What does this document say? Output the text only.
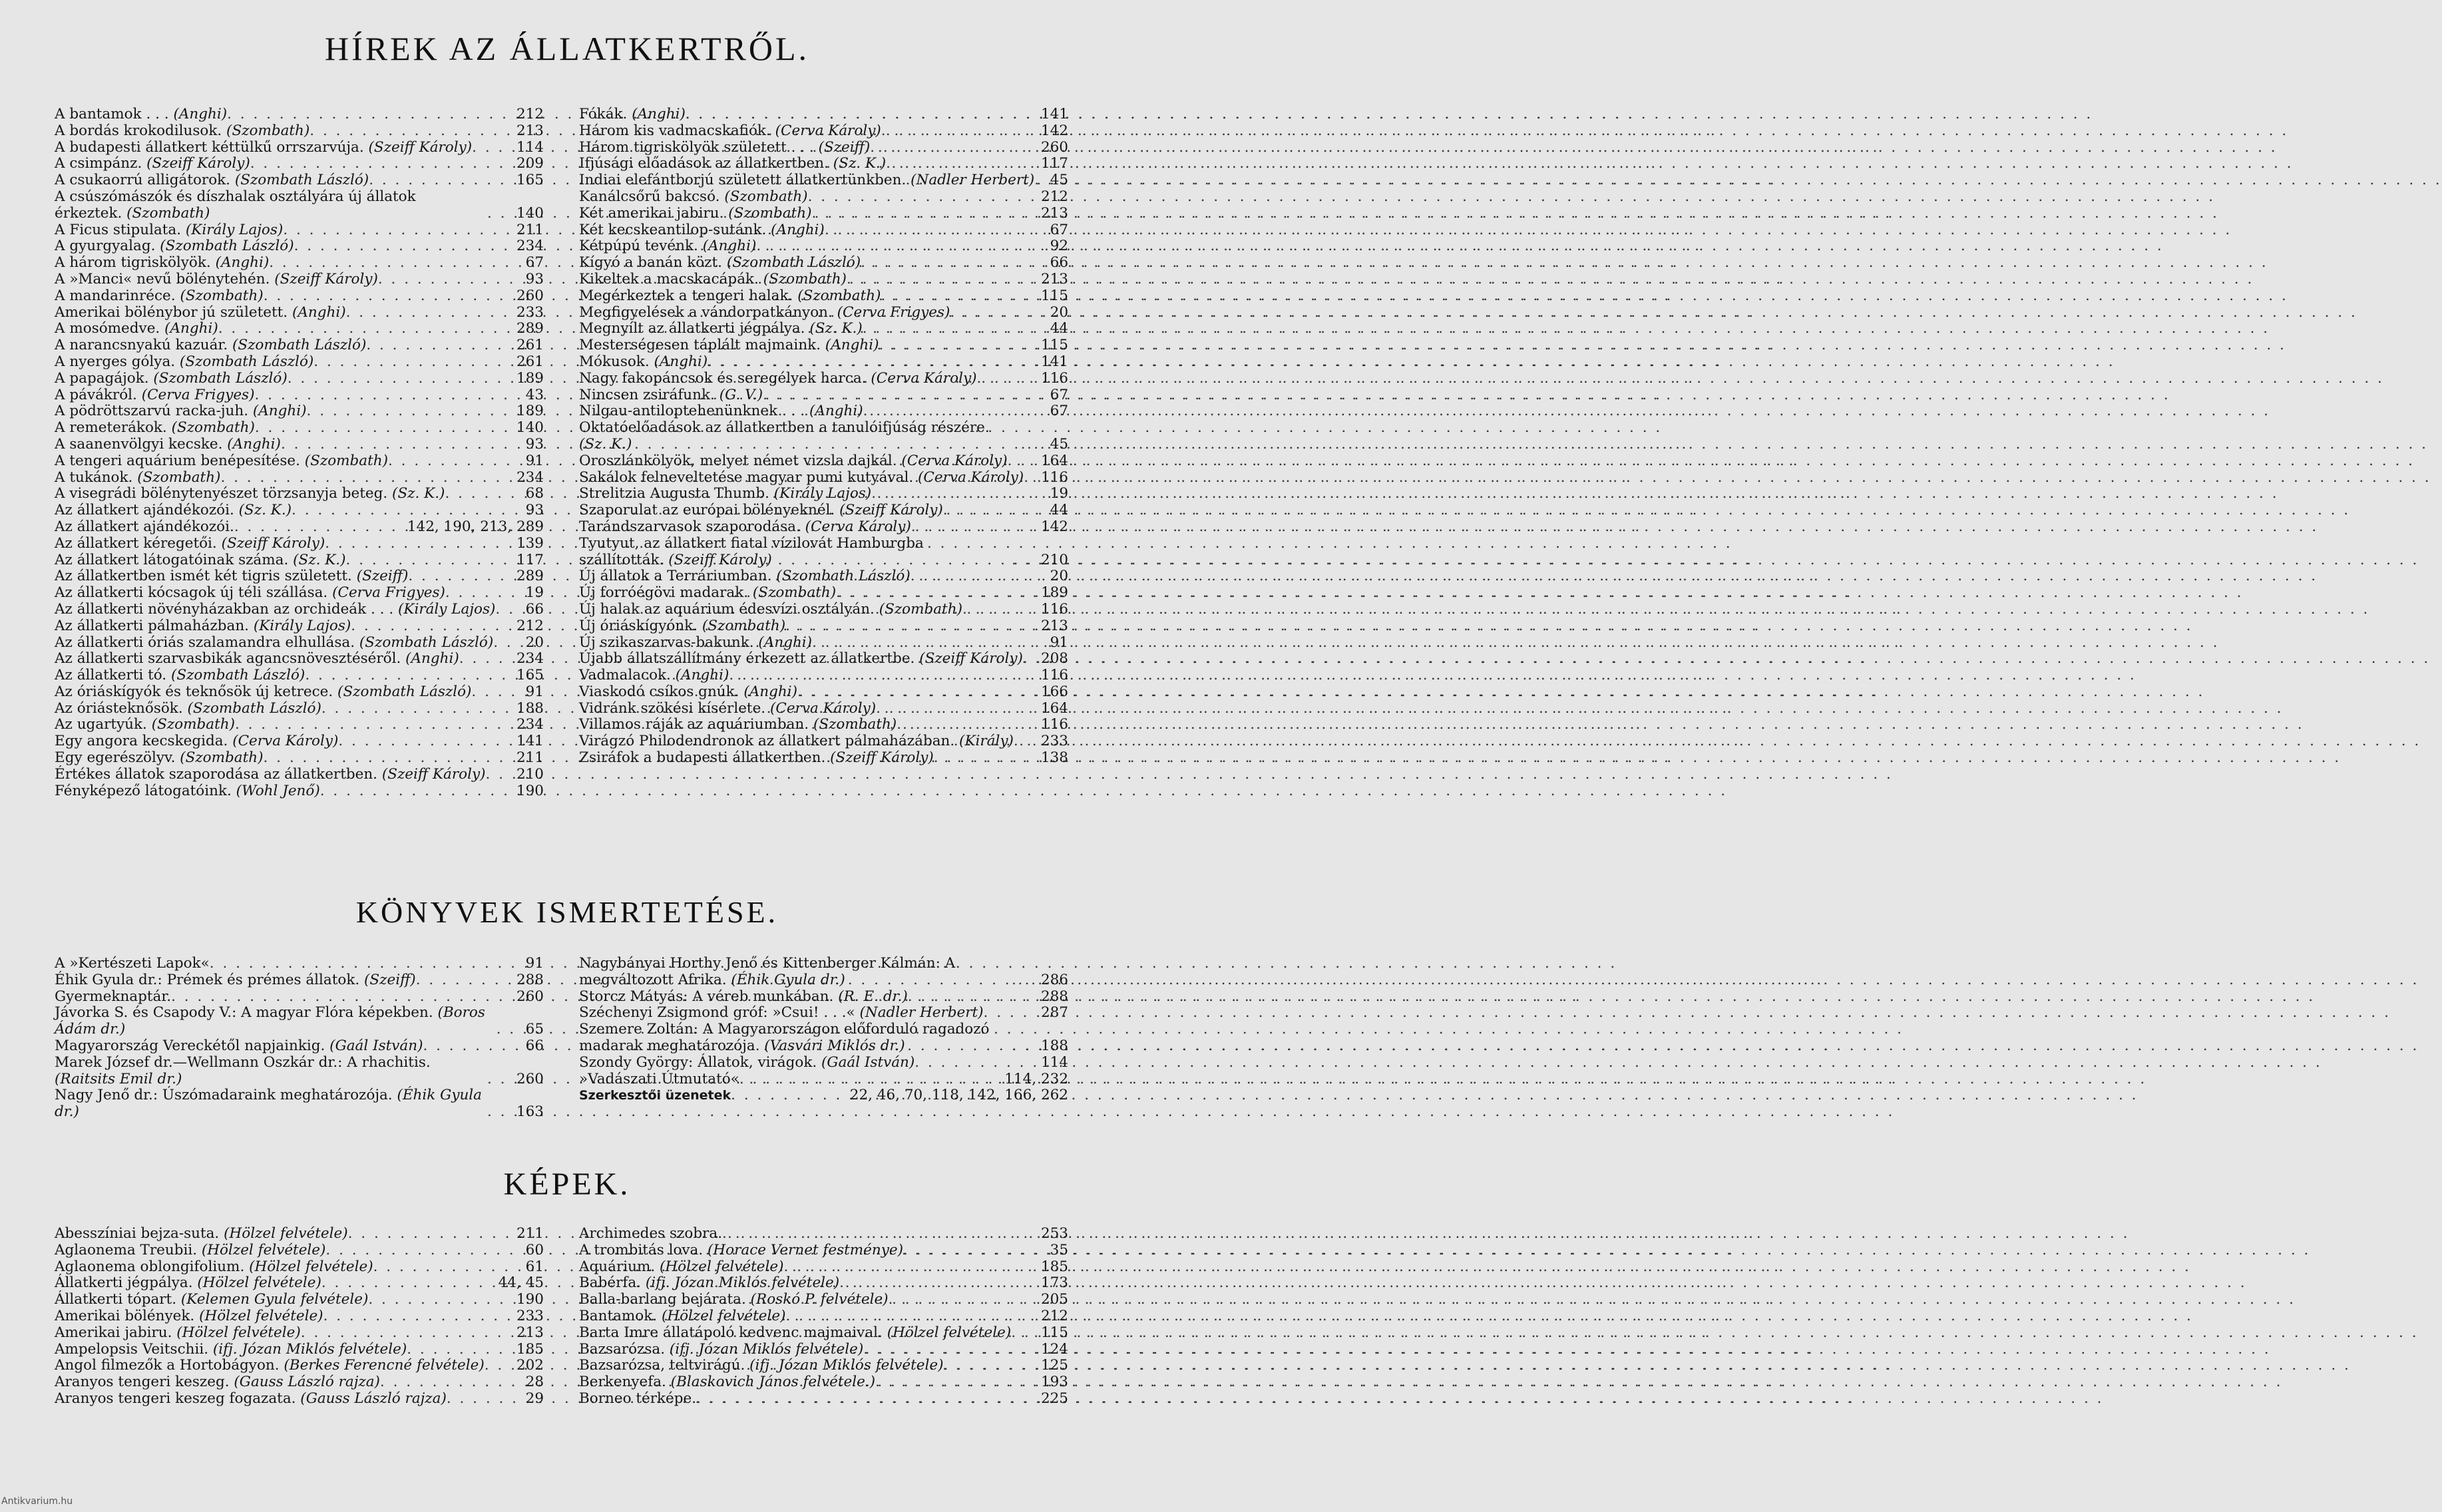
HÍREK AZ ÁLLATKERTRŐL.
A bantamok . . . (Anghi) . . .	212
A bordás krokodilusok. (Szombath) . . .	213
A budapesti állatkert kéttülkű orrszarvúja. (Szeiff Károly) . . .	114
A csimpánz. (Szeiff Károly) . . .	209
A csukaorrú alligátorok. (Szombath László) . . .	165
A csúszómászók és díszhalak osztályára új állatok érkeztek. (Szombath) . . .	140
A Ficus stipulata. (Király Lajos) . . .	211
A gyurgyalag. (Szombath László) . . .	234
A három tigriskölyök. (Anghi) . . .	67
A »Manci« nevű bölénytehén. (Szeiff Károly) . . .	93
A mandarinréce. (Szombath) . . .	260
Amerikai bölénybor jú született. (Anghi) . . .	233
A mosómedve. (Anghi) . . .	289
A narancsnyakú kazuár. (Szombath László) . . .	261
A nyerges gólya. (Szombath László) . . .	261
A papagájok. (Szombath László) . . .	189
A pávákról. (Cerva Frigyes) . . .	43
A pödröttszarvú racka-juh. (Anghi) . . .	189
A remeterákok. (Szombath) . . .	140
A saanenvölgyi kecske. (Anghi) . . .	93
A tengeri aquárium benépesítése. (Szombath) . . .	91
A tukánok. (Szombath) . . .	234
A visegrádi bölénytenyészet törzsanyja beteg. (Sz. K.) . . .	68
Az állatkert ajándékozói. (Sz. K.) . . .	93
Az állatkert ajándékozói. . . .	142, 190, 213, 289
Az állatkert kéregetői. (Szeiff Károly) . . .	139
Az állatkert látogatóinak száma. (Sz. K.) . . .	117
Az állatkertben ismét két tigris született. (Szeiff) . . .	289
Az állatkerti kócsagok új téli szállása. (Cerva Frigyes) . . .	19
Az állatkerti növényházakban az orchideák . . . (Király Lajos) . . . 66
Az állatkerti pálmaházban. (Király Lajos) . . .	212
Az állatkerti óriás szalamandra elhullása. (Szombath László) . . . 20
Az állatkerti szarvasbikák agancsnövesztéséről. (Anghi) . . .	234
Az állatkerti tó. (Szombath László) . . .	165
Az óriáskígyók és teknősök új ketrece. (Szombath László) . . .	91
Az óriásteknősök. (Szombath László) . . .	188
Az ugartyúk. (Szombath) . . .	234
Egy angora kecskegida. (Cerva Károly) . . .	141
Egy egerészölyv. (Szombath) . . .	211
Értékes állatok szaporodása az állatkertben. (Szeiff Károly) . . . 210
Fényképező látogatóink. (Wohl Jenő) . . .	190
Fókák. (Anghi) . . .	141
Három kis vadmacskafiók. (Cerva Károly) . . .	142
Három tigriskölyök született . . . (Szeiff) . . .	260
Ifjúsági előadások az állatkertben. (Sz. K.) . . .	117
Indiai elefántborjú született állatkertünkben. (Nadler Herbert) . . . 45
Kanálcsőrű bakcsó. (Szombath) . . .	212
Két amerikai jabiru. (Szombath) . . .	213
Két kecskeantilop-sutánk. (Anghi) . . .	67
Kétpúpú tevénk. (Anghi) . . .	92
Kígyó a banán közt. (Szombath László) . . .	66
Kikeltek a macskacápák. (Szombath) . . .	213
Megérkeztek a tengeri halak. (Szombath) . . .	115
Megfigyelések a vándorpatkányon. (Cerva Frigyes) . . .	20
Megnyílt az állatkerti jégpálya. (Sz. K.) . . .	44
Mesterségesen táplált majmaink. (Anghi) . . .	115
Mókusok. (Anghi) . . .	141
Nagy fakopáncsok és seregélyek harca. (Cerva Károly) . . .	116
Nincsen zsiráfunk. (G. V.) . . .	67
Nilgau-antiloptehenünknek . . . (Anghi) . . .	67
Oktatóelőadások az állatkertben a tanulóifjúság részére. (Sz. K.) . . .	45
Oroszlánkölyök, melyet német vizsla dajkál. (Cerva Károly) . . . 164
Sakálok felneveltetése magyar pumi kutyával. (Cerva Károly) . . . 116
Strelitzia Augusta Thumb. (Király Lajos) . . .	19
Szaporulat az európai bölényeknél. (Szeiff Károly) . . .	44
Tarándszarvasok szaporodása. (Cerva Károly) . . .	142
Tyutyut, az állatkert fiatal vízilovát Hamburgba szállították. (Szeiff Károly) . . .	210
Új állatok a Terráriumban. (Szombath László) . . .	20
Új forróégövi madarak. (Szombath) . . .	189
Új halak az aquárium édesvízi osztályán. (Szombath) . . .	116
Új óriáskígyónk. (Szombath) . . .	213
Új szikaszarvas-bakunk. (Anghi) . . .	91
Újabb állatszállítmány érkezett az állatkertbe. (Szeiff Károly) . . . 208
Vadmalacok. (Anghi) . . .	116
Viaskodó csíkos gnúk. (Anghi) . . .	166
Vidránk szökési kísérlete. (Cerva Károly) . . .	164
Villamos ráják az aquáriumban. (Szombath) . . .	116
Virágzó Philodendronok az állatkert pálmaházában. (Király) . . . 233
Zsiráfok a budapesti állatkertben. (Szeiff Károly) . . .	138
KÖNYVEK ISMERTETÉSE.
A »Kertészeti Lapok« . . .	91
Éhik Gyula dr.: Prémek és prémes állatok. (Szeiff) . . .	288
Gyermeknaptár. . . .	260
Jávorka S. és Csapody V.: A magyar Flóra képekben. (Boros Ádám dr.) . . .	65
Magyarország Vereckétől napjainkig. (Gaál István) . . .	66
Marek József dr.—Wellmann Oszkár dr.: A rhachitis. (Raitsits Emil dr.) . . .	260
Nagy Jenő dr.: Úszómadaraink meghatározója. (Éhik Gyula dr.) . . .	163
Nagybányai Horthy Jenő és Kittenberger Kálmán: A megváltozott Afrika. (Éhik Gyula dr.) . . .	286
Storcz Mátyás: A véreb munkában. (R. E. dr.) . . .	288
Széchenyi Zsigmond gróf: »Csui! . . .« (Nadler Herbert) . . .	287
Szemere Zoltán: A Magyarországon előforduló ragadozó madarak meghatározója. (Vasvári Miklós dr.) . . .	188
Szondy György: Állatok, virágok. (Gaál István) . . .	114
»Vadászati Útmutató« . . .	114, 232
Szerkesztői üzenetek . . .	22, 46, 70, 118, 142, 166, 262
KÉPEK.
Abesszíniai bejza-suta. (Hölzel felvétele) . . .	211
Aglaonema Treubii. (Hölzel felvétele) . . .	60
Aglaonema oblongifolium. (Hölzel felvétele) . . .	61
Állatkerti jégpálya. (Hölzel felvétele) . . .	44, 45
Állatkerti tópart. (Kelemen Gyula felvétele) . . .	190
Amerikai bölények. (Hölzel felvétele) . . .	233
Amerikai jabiru. (Hölzel felvétele) . . .	213
Ampelopsis Veitschii. (ifj. Józan Miklós felvétele) . . .	185
Angol filmezők a Hortobágyon. (Berkes Ferencné felvétele) . . . 202
Aranyos tengeri keszeg. (Gauss László rajza) . . .	28
Aranyos tengeri keszeg fogazata. (Gauss László rajza) . . .	29
Archimedes szobra. . . .	253
A trombitás lova. (Horace Vernet festménye) . . .	35
Aquárium. (Hölzel felvétele) . . .	185
Babérfa. (ifj. Józan Miklós felvétele) . . .	173
Balla-barlang bejárata. (Roskó P. felvétele) . . .	205
Bantamok. (Hölzel felvétele) . . .	212
Barta Imre állatápoló kedvenc majmaival. (Hölzel felvétele) . . . 115
Bazsarózsa. (ifj. Józan Miklós felvétele) . . .	124
Bazsarózsa, teltvirágú. (ifj. Józan Miklós felvétele) . . .	125
Berkenyefa. (Blaskovich János felvétele.) . . .	193
Borneo térképe. . . .	225
Antikvarium.hu
